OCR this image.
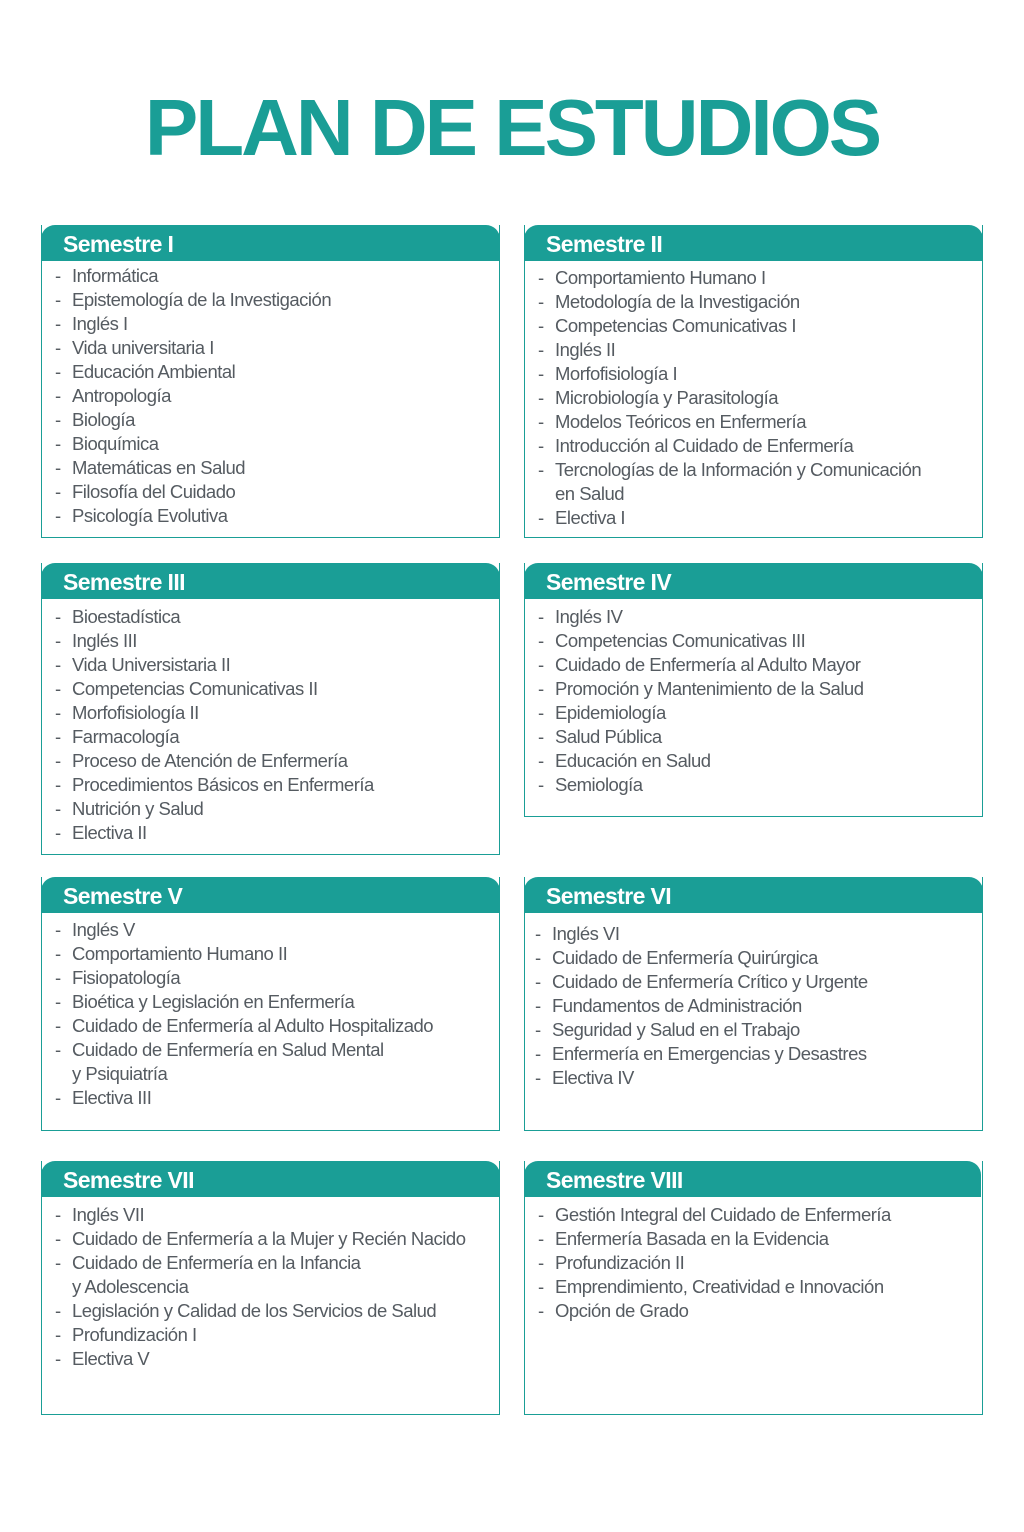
PLAN DE ESTUDIOS
Semestre I
- Informática
- Epistemología de la Investigación
- Inglés I
- Vida universitaria I
- Educación Ambiental
- Antropología
- Biología
- Bioquímica
- Matemáticas en Salud
- Filosofía del Cuidado
- Psicología Evolutiva
Semestre II
- Comportamiento Humano I
- Metodología de la Investigación
- Competencias Comunicativas I
- Inglés II
- Morfofisiología I
- Microbiología y Parasitología
- Modelos Teóricos en Enfermería
- Introducción al Cuidado de Enfermería
- Tercnologías de la Información y Comunicación
en Salud
- Electiva I
Semestre III
- Bioestadística
- Inglés III
- Vida Universistaria II
- Competencias Comunicativas II
- Morfofisiología II
- Farmacología
- Proceso de Atención de Enfermería
- Procedimientos Básicos en Enfermería
- Nutrición y Salud
- Electiva II
Semestre IV
- Inglés IV
- Competencias Comunicativas III
- Cuidado de Enfermería al Adulto Mayor
- Promoción y Mantenimiento de la Salud
- Epidemiología
- Salud Pública
- Educación en Salud
- Semiología
Semestre V
- Inglés V
- Comportamiento Humano II
- Fisiopatología
- Bioética y Legislación en Enfermería
- Cuidado de Enfermería al Adulto Hospitalizado
- Cuidado de Enfermería en Salud Mental
y Psiquiatría
- Electiva III
Semestre VI
- Inglés VI
- Cuidado de Enfermería Quirúrgica
- Cuidado de Enfermería Crítico y Urgente
- Fundamentos de Administración
- Seguridad y Salud en el Trabajo
- Enfermería en Emergencias y Desastres
- Electiva IV
Semestre VII
- Inglés VII
- Cuidado de Enfermería a la Mujer y Recién Nacido
- Cuidado de Enfermería en la Infancia
y Adolescencia
- Legislación y Calidad de los Servicios de Salud
- Profundización I
- Electiva V
Semestre VIII
- Gestión Integral del Cuidado de Enfermería
- Enfermería Basada en la Evidencia
- Profundización II
- Emprendimiento, Creatividad e Innovación
- Opción de Grado
